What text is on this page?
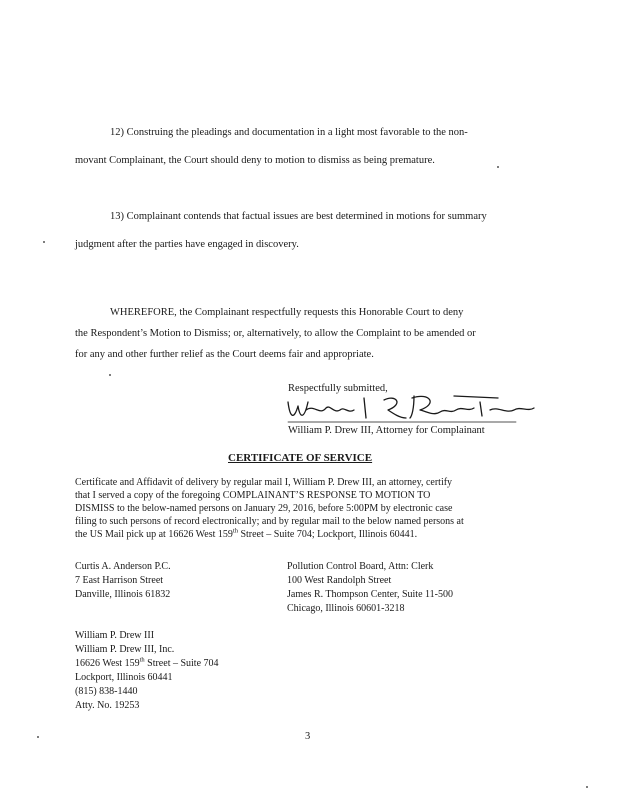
12) Construing the pleadings and documentation in a light most favorable to the non-
movant Complainant, the Court should deny to motion to dismiss as being premature.
13) Complainant contends that factual issues are best determined in motions for summary
judgment after the parties have engaged in discovery.
WHEREFORE, the Complainant respectfully requests this Honorable Court to deny
the Respondent’s Motion to Dismiss; or, alternatively, to allow the Complaint to be amended or
for any and other further relief as the Court deems fair and appropriate.
Respectfully submitted,
William P. Drew III, Attorney for Complainant
CERTIFICATE OF SERVICE
Certificate and Affidavit of delivery by regular mail I, William P. Drew III, an attorney, certify
that I served a copy of the foregoing COMPLAINANT’S RESPONSE TO MOTION TO
DISMISS to the below-named persons on January 29, 2016, before 5:00PM by electronic case
filing to such persons of record electronically; and by regular mail to the below named persons at
the US Mail pick up at 16626 West 159th Street – Suite 704; Lockport, Illinois 60441.
Curtis A. Anderson P.C.
7 East Harrison Street
Danville, Illinois 61832
Pollution Control Board, Attn: Clerk
100 West Randolph Street
James R. Thompson Center, Suite 11-500
Chicago, Illinois 60601-3218
William P. Drew III
William P. Drew III, Inc.
16626 West 159th Street – Suite 704
Lockport, Illinois 60441
(815) 838-1440
Atty. No. 19253
3
